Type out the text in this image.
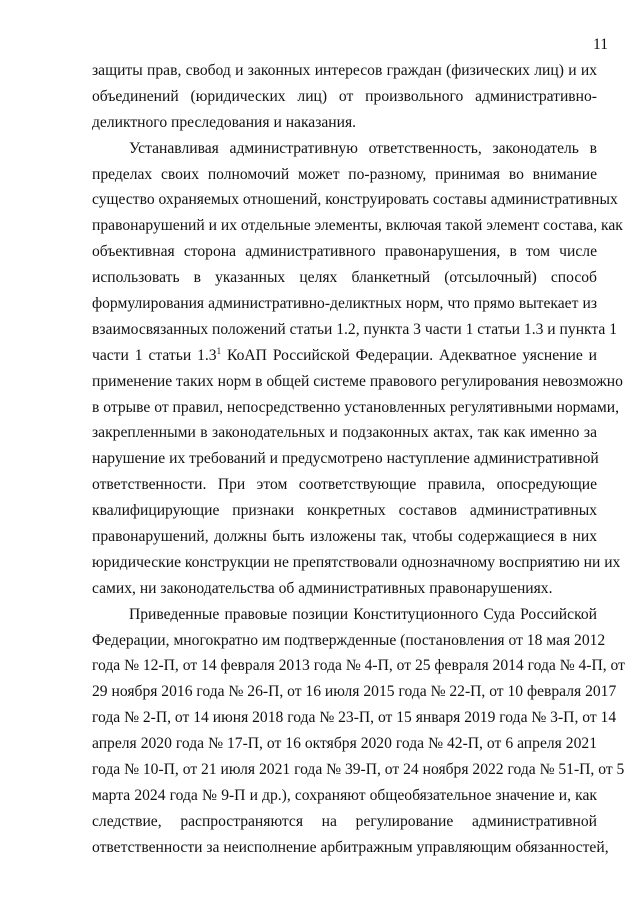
11
защиты прав, свобод и законных интересов граждан (физических лиц) и их
объединений (юридических лиц) от произвольного административно-
деликтного преследования и наказания.
Устанавливая административную ответственность, законодатель в
пределах своих полномочий может по-разному, принимая во внимание
существо охраняемых отношений, конструировать составы административных
правонарушений и их отдельные элементы, включая такой элемент состава, как
объективная сторона административного правонарушения, в том числе
использовать в указанных целях бланкетный (отсылочный) способ
формулирования административно-деликтных норм, что прямо вытекает из
взаимосвязанных положений статьи 1.2, пункта 3 части 1 статьи 1.3 и пункта 1
части 1 статьи $1.3^1$ КоАП Российской Федерации. Адекватное уяснение и
применение таких норм в общей системе правового регулирования невозможно
в отрыве от правил, непосредственно установленных регулятивными нормами,
закрепленными в законодательных и подзаконных актах, так как именно за
нарушение их требований и предусмотрено наступление административной
ответственности. При этом соответствующие правила, опосредующие
квалифицирующие признаки конкретных составов административных
правонарушений, должны быть изложены так, чтобы содержащиеся в них
юридические конструкции не препятствовали однозначному восприятию ни их
самих, ни законодательства об административных правонарушениях.
Приведенные правовые позиции Конституционного Суда Российской
Федерации, многократно им подтвержденные (постановления от 18 мая 2012
года № 12-П, от 14 февраля 2013 года № 4-П, от 25 февраля 2014 года № 4-П, от
29 ноября 2016 года № 26-П, от 16 июля 2015 года № 22-П, от 10 февраля 2017
года № 2-П, от 14 июня 2018 года № 23-П, от 15 января 2019 года № 3-П, от 14
апреля 2020 года № 17-П, от 16 октября 2020 года № 42-П, от 6 апреля 2021
года № 10-П, от 21 июля 2021 года № 39-П, от 24 ноября 2022 года № 51-П, от 5
марта 2024 года № 9-П и др.), сохраняют общеобязательное значение и, как
следствие, распространяются на регулирование административной
ответственности за неисполнение арбитражным управляющим обязанностей,
